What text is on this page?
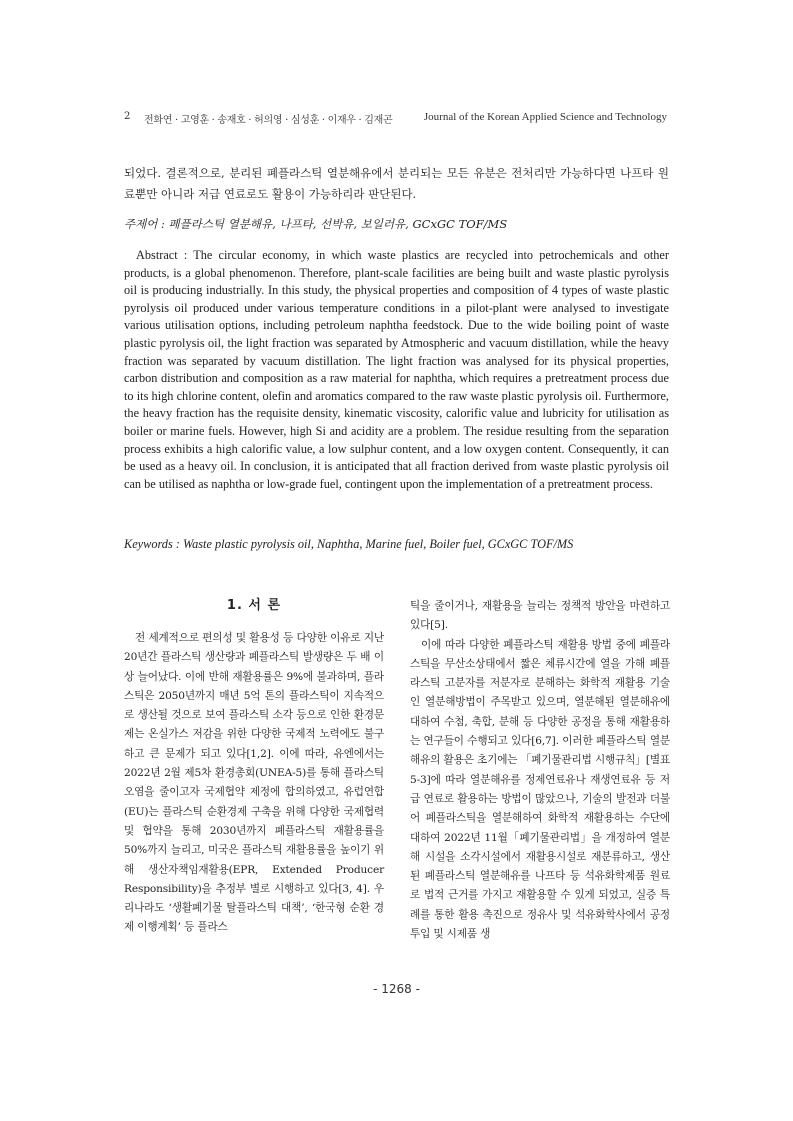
2 전화연 · 고영훈 · 송재호 · 허의영 · 심성훈 · 이재우 · 김재곤	Journal of the Korean Applied Science and Technology
되었다. 결론적으로, 분리된 폐플라스틱 열분해유에서 분리되는 모든 유분은 전처리만 가능하다면 나프타 원료뿐만 아니라 저급 연료로도 활용이 가능하리라 판단된다.
주제어 : 폐플라스틱 열분해유, 나프타, 선박유, 보일러유, GCxGC TOF/MS
Abstract : The circular economy, in which waste plastics are recycled into petrochemicals and other products, is a global phenomenon. Therefore, plant-scale facilities are being built and waste plastic pyrolysis oil is producing industrially. In this study, the physical properties and composition of 4 types of waste plastic pyrolysis oil produced under various temperature conditions in a pilot-plant were analysed to investigate various utilisation options, including petroleum naphtha feedstock. Due to the wide boiling point of waste plastic pyrolysis oil, the light fraction was separated by Atmospheric and vacuum distillation, while the heavy fraction was separated by vacuum distillation. The light fraction was analysed for its physical properties, carbon distribution and composition as a raw material for naphtha, which requires a pretreatment process due to its high chlorine content, olefin and aromatics compared to the raw waste plastic pyrolysis oil. Furthermore, the heavy fraction has the requisite density, kinematic viscosity, calorific value and lubricity for utilisation as boiler or marine fuels. However, high Si and acidity are a problem. The residue resulting from the separation process exhibits a high calorific value, a low sulphur content, and a low oxygen content. Consequently, it can be used as a heavy oil. In conclusion, it is anticipated that all fraction derived from waste plastic pyrolysis oil can be utilised as naphtha or low-grade fuel, contingent upon the implementation of a pretreatment process.
Keywords : Waste plastic pyrolysis oil, Naphtha, Marine fuel, Boiler fuel, GCxGC TOF/MS
1. 서 론

전 세계적으로 편의성 및 활용성 등 다양한 이유로 지난 20년간 플라스틱 생산량과 폐플라스틱 발생량은 두 배 이상 늘어났다. 이에 반해 재활용률은 9%에 불과하며, 플라스틱은 2050년까지 매년 5억 톤의 플라스틱이 지속적으로 생산될 것으로 보여 플라스틱 소각 등으로 인한 환경문제는 온실가스 저감을 위한 다양한 국제적 노력에도 불구하고 큰 문제가 되고 있다[1,2]. 이에 따라, 유엔에서는 2022년 2월 제5차 환경총회(UNEA-5)를 통해 플라스틱 오염을 줄이고자 국제협약 제정에 합의하였고, 유럽연합(EU)는 플라스틱 순환경제 구축을 위해 다양한 국제협력 및 협약을 통해 2030년까지 폐플라스틱 재활용률을 50%까지 늘리고, 미국은 플라스틱 재활용률을 높이기 위해 생산자책임재활용(EPR, Extended Producer Responsibility)을 추정부 별로 시행하고 있다[3, 4]. 우리나라도 ‘생활폐기물 탈플라스틱 대책’, ‘한국형 순환 경제 이행계획’ 등 플라스

틱을 줄이거나, 재활용을 늘리는 정책적 방안을 마련하고 있다[5].

이에 따라 다양한 폐플라스틱 재활용 방법 중에 폐플라스틱을 무산소상태에서 짧은 체류시간에 열을 가해 폐플라스틱 고분자를 저분자로 분해하는 화학적 재활용 기술인 열분해방법이 주목받고 있으며, 열분해된 열분해유에 대하여 수첨, 축합, 분해 등 다양한 공정을 통해 재활용하는 연구들이 수행되고 있다[6,7]. 이러한 폐플라스틱 열분해유의 활용은 초기에는 「폐기물관리법 시행규칙」[별표5-3]에 따라 열분해유를 정제연료유나 재생연료유 등 저급 연료로 활용하는 방법이 많았으나, 기술의 발전과 더불어 폐플라스틱을 열분해하여 화학적 재활용하는 수단에 대하여 2022년 11월「폐기물관리법」을 개정하여 열분해 시설을 소각시설에서 재활용시설로 재분류하고, 생산된 폐플라스틱 열분해유를 나프타 등 석유화학제품 원료로 법적 근거를 가지고 재활용할 수 있게 되었고, 실증 특례를 통한 활용 촉진으로 정유사 및 석유화학사에서 공정투입 및 시제품 생

- 1268 -
